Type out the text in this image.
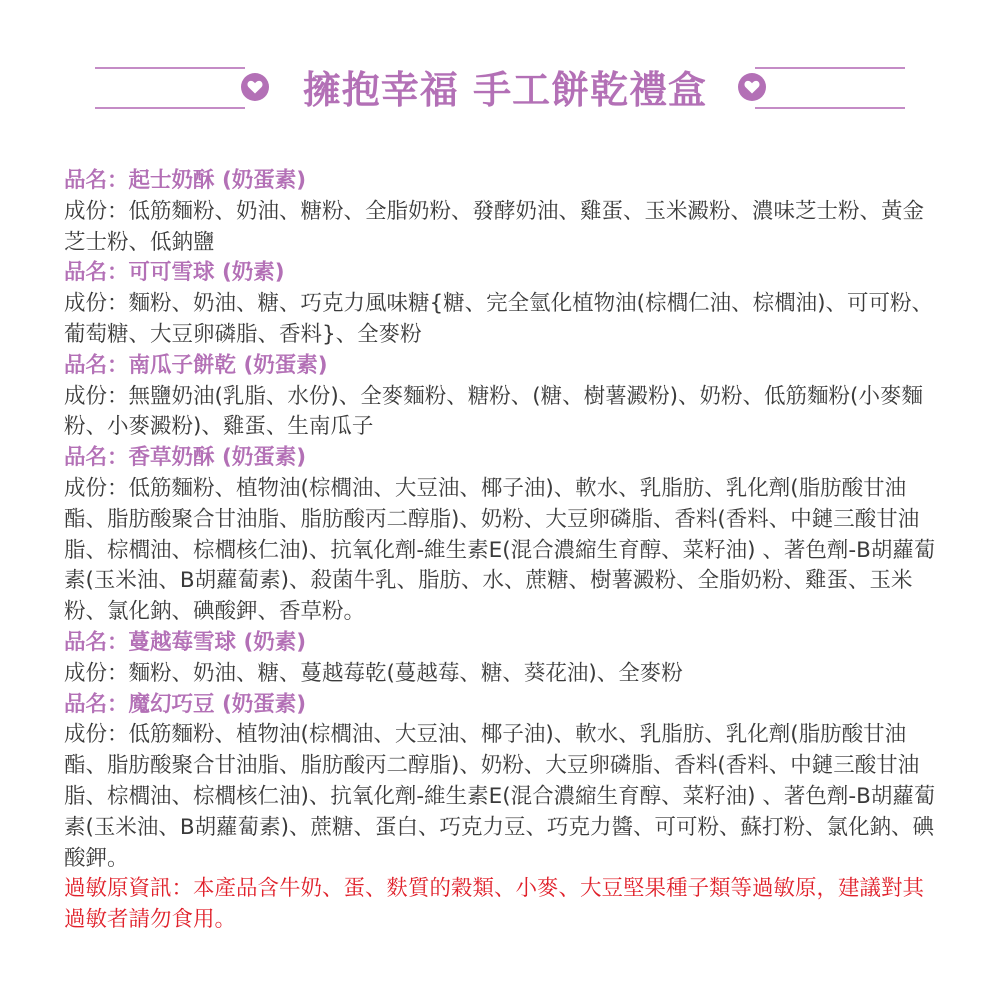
擁抱幸福 手工餅乾禮盒
品名：起士奶酥 (奶蛋素)
成份：低筋麵粉、奶油、糖粉、全脂奶粉、發酵奶油、雞蛋、玉米澱粉、濃味芝士粉、黃金芝士粉、低鈉鹽
品名：可可雪球 (奶素)
成份：麵粉、奶油、糖、巧克力風味糖{糖、完全氫化植物油(棕櫚仁油、棕櫚油)、可可粉、葡萄糖、大豆卵磷脂、香料}、全麥粉
品名：南瓜子餅乾 (奶蛋素)
成份：無鹽奶油(乳脂、水份)、全麥麵粉、糖粉、(糖、樹薯澱粉)、奶粉、低筋麵粉(小麥麵粉、小麥澱粉)、雞蛋、生南瓜子
品名：香草奶酥 (奶蛋素)
成份：低筋麵粉、植物油(棕櫚油、大豆油、椰子油)、軟水、乳脂肪、乳化劑(脂肪酸甘油酯、脂肪酸聚合甘油脂、脂肪酸丙二醇脂)、奶粉、大豆卵磷脂、香料(香料、中鏈三酸甘油脂、棕櫚油、棕櫚核仁油)、抗氧化劑-維生素E(混合濃縮生育醇、菜籽油) 、著色劑-B胡蘿蔔素(玉米油、B胡蘿蔔素)、殺菌牛乳、脂肪、水、蔗糖、樹薯澱粉、全脂奶粉、雞蛋、玉米粉、氯化鈉、碘酸鉀、香草粉。
品名：蔓越莓雪球 (奶素)
成份：麵粉、奶油、糖、蔓越莓乾(蔓越莓、糖、葵花油)、全麥粉
品名：魔幻巧豆 (奶蛋素)
成份：低筋麵粉、植物油(棕櫚油、大豆油、椰子油)、軟水、乳脂肪、乳化劑(脂肪酸甘油酯、脂肪酸聚合甘油脂、脂肪酸丙二醇脂)、奶粉、大豆卵磷脂、香料(香料、中鏈三酸甘油脂、棕櫚油、棕櫚核仁油)、抗氧化劑-維生素E(混合濃縮生育醇、菜籽油) 、著色劑-B胡蘿蔔素(玉米油、B胡蘿蔔素)、蔗糖、蛋白、巧克力豆、巧克力醬、可可粉、蘇打粉、氯化鈉、碘酸鉀。
過敏原資訊：本產品含牛奶、蛋、麩質的穀類、小麥、大豆堅果種子類等過敏原，建議對其過敏者請勿食用。
